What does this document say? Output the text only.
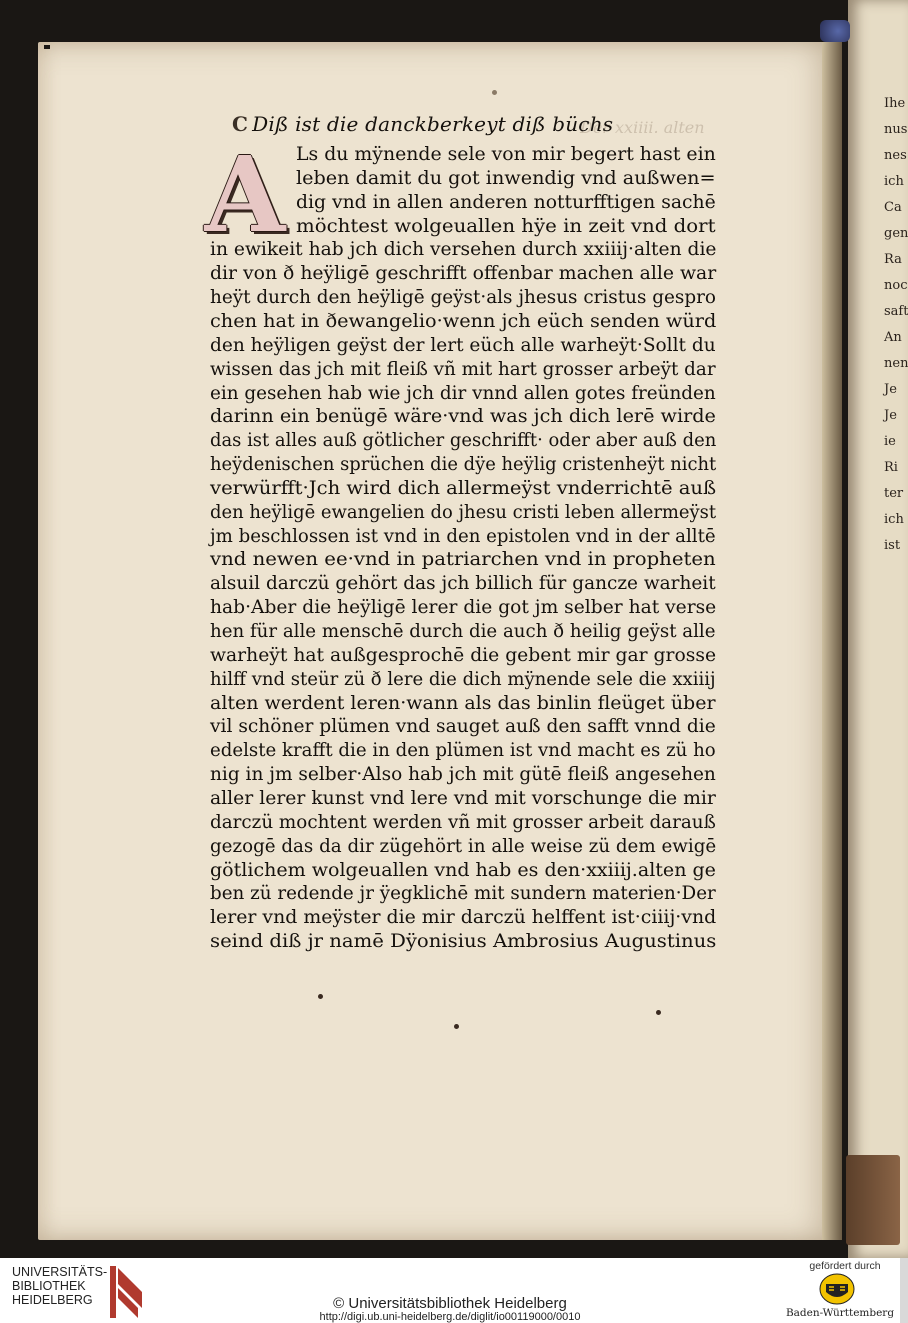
Ihe
nus
nes
ich
Ca
gen
Ra
noc
saft
An
nen
Je
Je
ie
Ri
ter
ich
ist
Der xxiiii. alten
C Diß ist die danckberkeyt diß büchs
A Ls du mÿnende sele von mir begert hast ein
leben damit du got inwendig vnd außwen=
dig vnd in allen anderen notturfftigen sachē
möchtest wolgeuallen hÿe in zeit vnd dort
in ewikeit hab jch dich versehen durch xxiiij·alten die
dir von ð heÿligē geschrifft offenbar machen alle war
heÿt durch den heÿligē geÿst·als jhesus cristus gespro
chen hat in ðewangelio·wenn jch eüch senden würd
den heÿligen geÿst der lert eüch alle warheÿt·Sollt du
wissen das jch mit fleiß vñ mit hart grosser arbeÿt dar
ein gesehen hab wie jch dir vnnd allen gotes freünden
darinn ein benügē wäre·vnd was jch dich lerē wirde
das ist alles auß götlicher geschrifft· oder aber auß den
heÿdenischen sprüchen die dÿe heÿlig cristenheÿt nicht
verwürfft·Jch wird dich allermeÿst vnderrichtē auß
den heÿligē ewangelien do jhesu cristi leben allermeÿst
jm beschlossen ist vnd in den epistolen vnd in der alltē
vnd newen ee·vnd in patriarchen vnd in propheten
alsuil darczü gehört das jch billich für gancze warheit
hab·Aber die heÿligē lerer die got jm selber hat verse
hen für alle menschē durch die auch ð heilig geÿst alle
warheÿt hat außgesprochē die gebent mir gar grosse
hilff vnd steür zü ð lere die dich mÿnende sele die xxiiij
alten werdent leren·wann als das binlin fleüget über
vil schöner plümen vnd sauget auß den safft vnnd die
edelste krafft die in den plümen ist vnd macht es zü ho
nig in jm selber·Also hab jch mit gütē fleiß angesehen
aller lerer kunst vnd lere vnd mit vorschunge die mir
darczü mochtent werden vñ mit grosser arbeit darauß
gezogē das da dir zügehört in alle weise zü dem ewigē
götlichem wolgeuallen vnd hab es den·xxiiij.alten ge
ben zü redende jr ÿegklichē mit sundern materien·Der
lerer vnd meÿster die mir darczü helffent ist·ciiij·vnd
seind diß jr namē Dÿonisius Ambrosius Augustinus
UNIVERSITÄTS-
BIBLIOTHEK
HEIDELBERG	© Universitätsbibliothek Heidelberg
http://digi.ub.uni-heidelberg.de/diglit/io00119000/0010
gefördert durch
Baden-Württemberg
